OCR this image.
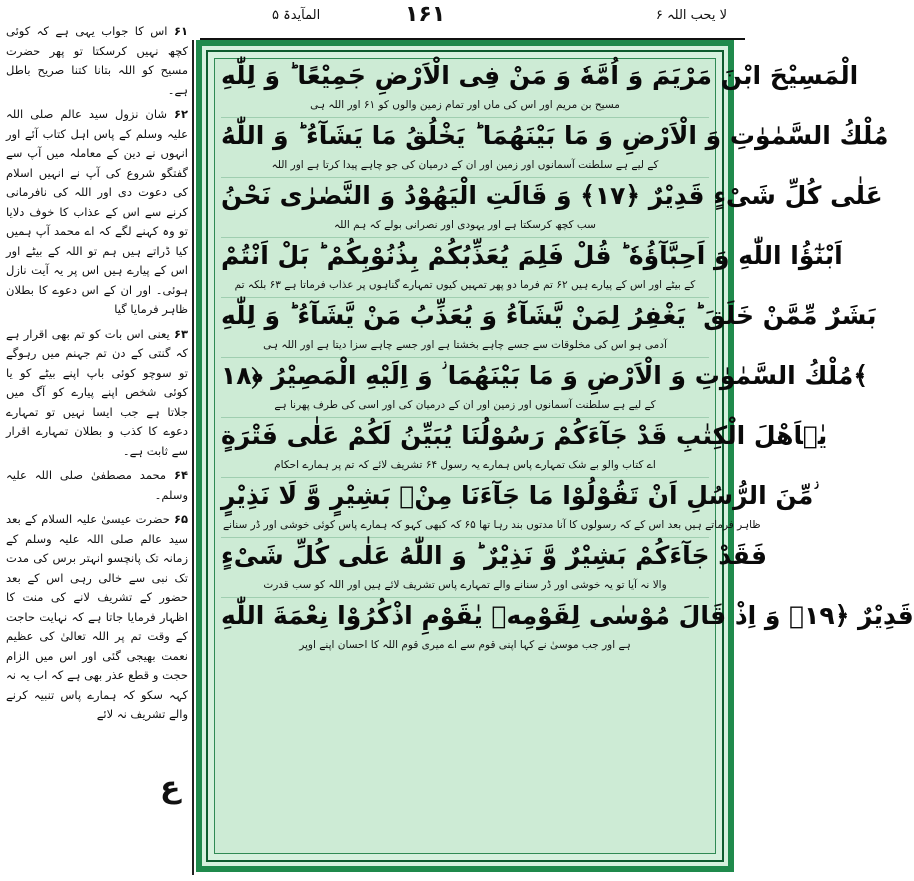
لا یحب اللہ ۶
۱۶۱
المآیدۃ ۵

۶۱ اس کا جواب یہی ہے کہ کوئی کچھ نہیں کرسکتا تو پھر حضرت مسیح کو اللہ بتانا کتنا صریح باطل ہے۔

۶۲ شان نزول سید عالم صلی اللہ علیہ وسلم کے پاس اہل کتاب آئے اور انہوں نے دین کے معاملہ میں آپ سے گفتگو شروع کی آپ نے انہیں اسلام کی دعوت دی اور اللہ کی نافرمانی کرنے سے اس کے عذاب کا خوف دلایا تو وہ کہنے لگے کہ اے محمد آپ ہمیں کیا ڈراتے ہیں ہم تو اللہ کے بیٹے اور اس کے پیارے ہیں اس پر یہ آیت نازل ہوئی۔ اور ان کے اس دعوے کا بطلان ظاہر فرمایا گیا

۶۳ یعنی اس بات کو تم بھی اقرار ہے کہ گنتی کے دن تم جہنم میں رہوگے تو سوچو کوئی باپ اپنے بیٹے کو یا کوئی شخص اپنے پیارے کو آگ میں جلاتا ہے جب ایسا نہیں تو تمہارے دعوے کا کذب و بطلان تمہارے اقرار سے ثابت ہے۔

۶۴ محمد مصطفیٰ صلی اللہ علیہ وسلم۔

۶۵ حضرت عیسیٰ علیہ السلام کے بعد سید عالم صلی اللہ علیہ وسلم کے زمانہ تک پانچسو انہتر برس کی مدت تک نبی سے خالی رہی اس کے بعد حضور کے تشریف لانے کی منت کا اظہار فرمایا جاتا ہے کہ نہایت حاجت کے وقت تم پر اللہ تعالیٰ کی عظیم نعمت بھیجی گئی اور اس میں الزام حجت و قطع عذر بھی ہے کہ اب یہ نہ کہہ سکو کہ ہمارے پاس تنبیہ کرنے والے تشریف نہ لائے

الْمَسِیْحَ ابْنَ مَرْیَمَ وَ اُمَّهٗ وَ مَنْ فِی الْاَرْضِ جَمِیْعًا ؕ وَ لِلّٰهِ
مسیح بن مریم اور اس کی ماں اور تمام زمین والوں کو ۶۱ اور اللہ ہی
مُلْكُ السَّمٰوٰتِ وَ الْاَرْضِ وَ مَا بَیْنَهُمَا ؕ یَخْلُقُ مَا یَشَآءُ ؕ وَ اللّٰهُ
کے لیے ہے سلطنت آسمانوں اور زمین اور ان کے درمیان کی جو چاہے پیدا کرتا ہے اور اللہ
عَلٰی كُلِّ شَیْءٍ قَدِیْرٌ ﴿۱۷﴾ وَ قَالَتِ الْیَهُوْدُ وَ النَّصٰرٰی نَحْنُ
سب کچھ کرسکتا ہے اور یہودی اور نصرانی بولے کہ ہم اللہ
اَبْنٰٓؤُا اللّٰهِ وَ اَحِبَّآؤُهٗ ؕ قُلْ فَلِمَ یُعَذِّبُكُمْ بِذُنُوْبِكُمْ ؕ بَلْ اَنْتُمْ
کے بیٹے اور اس کے پیارے ہیں ۶۲ تم فرما دو پھر تمہیں کیوں تمہارے گناہوں پر عذاب فرماتا ہے ۶۳ بلکہ تم
بَشَرٌ مِّمَّنْ خَلَقَ ؕ یَغْفِرُ لِمَنْ یَّشَآءُ وَ یُعَذِّبُ مَنْ یَّشَآءُ ؕ وَ لِلّٰهِ
آدمی ہو اس کی مخلوقات سے جسے چاہے بخشتا ہے اور جسے چاہے سزا دیتا ہے اور اللہ ہی
مُلْكُ السَّمٰوٰتِ وَ الْاَرْضِ وَ مَا بَیْنَهُمَا ؗ وَ اِلَیْهِ الْمَصِیْرُ ﴿۱۸﴾
کے لیے ہے سلطنت آسمانوں اور زمین اور ان کے درمیان کی اور اسی کی طرف پھرنا ہے
یٰۤاَهْلَ الْكِتٰبِ قَدْ جَآءَكُمْ رَسُوْلُنَا یُبَیِّنُ لَكُمْ عَلٰی فَتْرَةٍ
اے کتاب والو بے شک تمہارے پاس ہمارے یہ رسول ۶۴ تشریف لائے کہ تم پر ہمارے احکام
مِّنَ الرُّسُلِ اَنْ تَقُوْلُوْا مَا جَآءَنَا مِنْۢ بَشِیْرٍ وَّ لَا نَذِیْرٍ ؗ
ظاہر فرماتے ہیں بعد اس کے کہ رسولوں کا آنا مدتوں بند رہا تھا ۶۵ کہ کبھی کہو کہ ہمارے پاس کوئی خوشی اور ڈر سنانے
فَقَدْ جَآءَكُمْ بَشِیْرٌ وَّ نَذِیْرٌ ؕ وَ اللّٰهُ عَلٰی كُلِّ شَیْءٍ
والا نہ آیا تو یہ خوشی اور ڈر سنانے والے تمہارے پاس تشریف لائے ہیں اور اللہ کو سب قدرت
قَدِیْرٌ ﴿۱۹﴾ وَ اِذْ قَالَ مُوْسٰی لِقَوْمِهٖ یٰقَوْمِ اذْكُرُوْا نِعْمَةَ اللّٰهِ
ہے اور جب موسیٰ نے کہا اپنی قوم سے اے میری قوم اللہ کا احسان اپنے اوپر
ع
